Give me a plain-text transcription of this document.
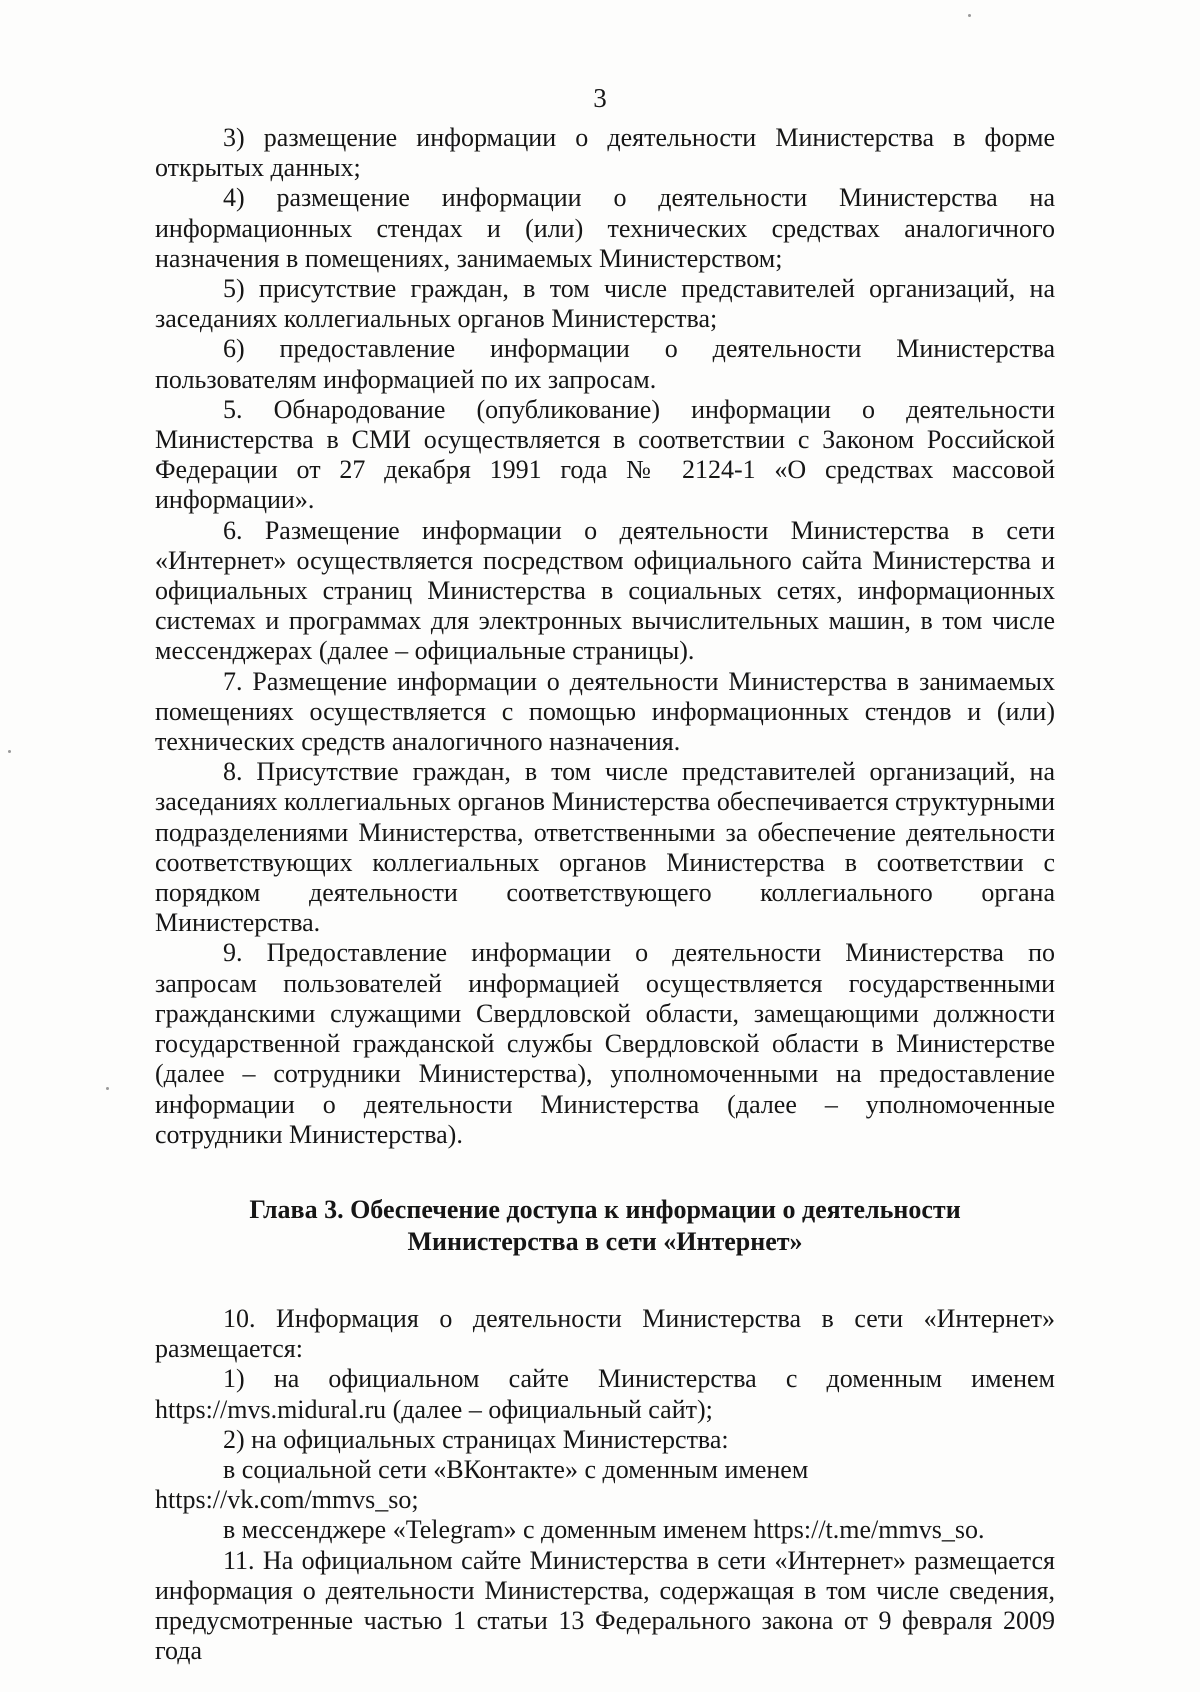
3

3) размещение информации о деятельности Министерства в форме открытых данных;

4) размещение информации о деятельности Министерства на информационных стендах и (или) технических средствах аналогичного назначения в помещениях, занимаемых Министерством;

5) присутствие граждан, в том числе представителей организаций, на заседаниях коллегиальных органов Министерства;

6) предоставление информации о деятельности Министерства пользователям информацией по их запросам.

5. Обнародование (опубликование) информации о деятельности Министерства в СМИ осуществляется в соответствии с Законом Российской Федерации от 27 декабря 1991 года № 2124-1 «О средствах массовой информации».

6. Размещение информации о деятельности Министерства в сети «Интернет» осуществляется посредством официального сайта Министерства и официальных страниц Министерства в социальных сетях, информационных системах и программах для электронных вычислительных машин, в том числе мессенджерах (далее – официальные страницы).

7. Размещение информации о деятельности Министерства в занимаемых помещениях осуществляется с помощью информационных стендов и (или) технических средств аналогичного назначения.

8. Присутствие граждан, в том числе представителей организаций, на заседаниях коллегиальных органов Министерства обеспечивается структурными подразделениями Министерства, ответственными за обеспечение деятельности соответствующих коллегиальных органов Министерства в соответствии с порядком деятельности соответствующего коллегиального органа Министерства.

9. Предоставление информации о деятельности Министерства по запросам пользователей информацией осуществляется государственными гражданскими служащими Свердловской области, замещающими должности государственной гражданской службы Свердловской области в Министерстве (далее – сотрудники Министерства), уполномоченными на предоставление информации о деятельности Министерства (далее – уполномоченные сотрудники Министерства).

Глава 3. Обеспечение доступа к информации о деятельности
Министерства в сети «Интернет»

10. Информация о деятельности Министерства в сети «Интернет» размещается:

1) на официальном сайте Министерства с доменным именем https://mvs.midural.ru (далее – официальный сайт);

2) на официальных страницах Министерства:

в социальной сети «ВКонтакте» с доменным именем https://vk.com/mmvs_so;

в мессенджере «Telegram» с доменным именем https://t.me/mmvs_so.

11. На официальном сайте Министерства в сети «Интернет» размещается информация о деятельности Министерства, содержащая в том числе сведения, предусмотренные частью 1 статьи 13 Федерального закона от 9 февраля 2009 года
